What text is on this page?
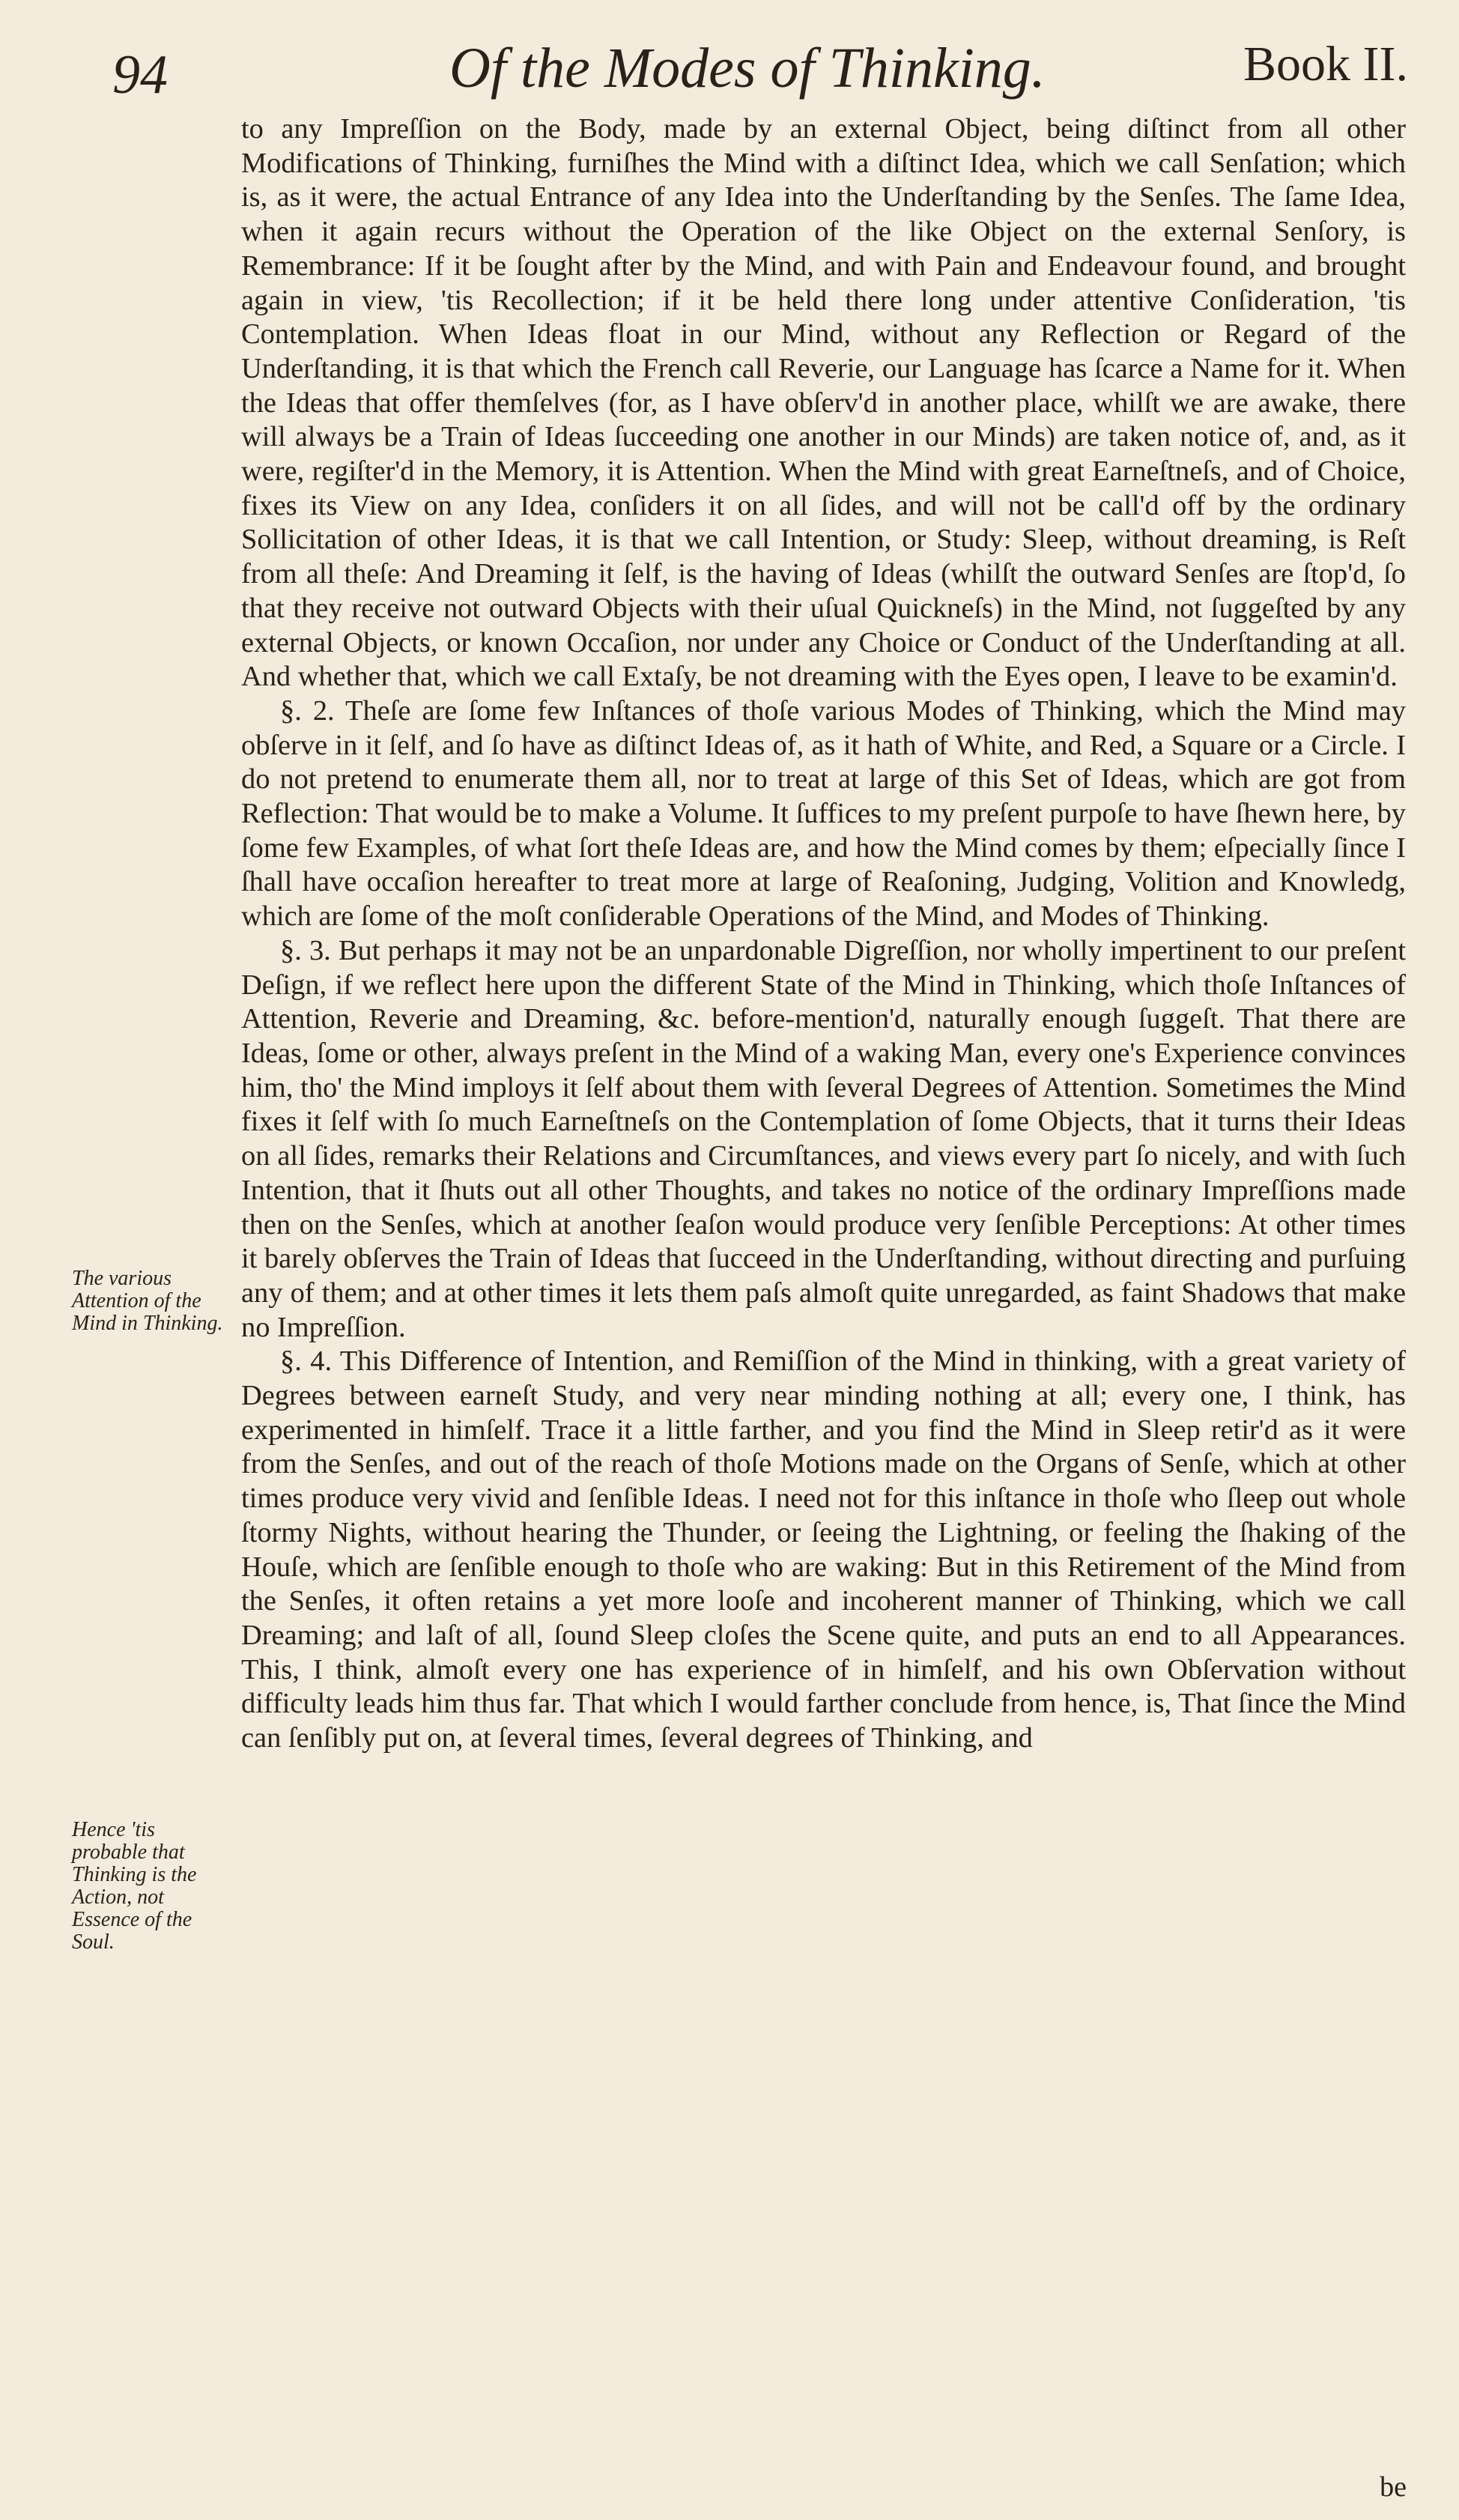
94	Of the Modes of Thinking.	Book II.
The various Attention of the Mind in Thinking.
Hence 'tis probable that Thinking is the Action, not Essence of the Soul.

to any Impreſſion on the Body, made by an external Object, being diſtinct from all other Modifications of Thinking, furniſhes the Mind with a diſtinct Idea, which we call Senſation; which is, as it were, the actual Entrance of any Idea into the Underſtanding by the Senſes. The ſame Idea, when it again recurs without the Operation of the like Object on the external Senſory, is Remembrance: If it be ſought after by the Mind, and with Pain and Endeavour found, and brought again in view, 'tis Recollection; if it be held there long under attentive Conſideration, 'tis Contemplation. When Ideas float in our Mind, without any Reflection or Regard of the Underſtanding, it is that which the French call Reverie, our Language has ſcarce a Name for it. When the Ideas that offer themſelves (for, as I have obſerv'd in another place, whilſt we are awake, there will always be a Train of Ideas ſucceeding one another in our Minds) are taken notice of, and, as it were, regiſter'd in the Memory, it is Attention. When the Mind with great Earneſtneſs, and of Choice, fixes its View on any Idea, conſiders it on all ſides, and will not be call'd off by the ordinary Sollicitation of other Ideas, it is that we call Intention, or Study: Sleep, without dreaming, is Reſt from all theſe: And Dreaming it ſelf, is the having of Ideas (whilſt the outward Senſes are ſtop'd, ſo that they receive not outward Objects with their uſual Quickneſs) in the Mind, not ſuggeſted by any external Objects, or known Occaſion, nor under any Choice or Conduct of the Underſtanding at all. And whether that, which we call Extaſy, be not dreaming with the Eyes open, I leave to be examin'd.

§. 2. Theſe are ſome few Inſtances of thoſe various Modes of Thinking, which the Mind may obſerve in it ſelf, and ſo have as diſtinct Ideas of, as it hath of White, and Red, a Square or a Circle. I do not pretend to enumerate them all, nor to treat at large of this Set of Ideas, which are got from Reflection: That would be to make a Volume. It ſuffices to my preſent purpoſe to have ſhewn here, by ſome few Examples, of what ſort theſe Ideas are, and how the Mind comes by them; eſpecially ſince I ſhall have occaſion hereafter to treat more at large of Reaſoning, Judging, Volition and Knowledg, which are ſome of the moſt conſiderable Operations of the Mind, and Modes of Thinking.

§. 3. But perhaps it may not be an unpardonable Digreſſion, nor wholly impertinent to our preſent Deſign, if we reflect here upon the different State of the Mind in Thinking, which thoſe Inſtances of Attention, Reverie and Dreaming, &c. before-mention'd, naturally enough ſuggeſt. That there are Ideas, ſome or other, always preſent in the Mind of a waking Man, every one's Experience convinces him, tho' the Mind imploys it ſelf about them with ſeveral Degrees of Attention. Sometimes the Mind fixes it ſelf with ſo much Earneſtneſs on the Contemplation of ſome Objects, that it turns their Ideas on all ſides, remarks their Relations and Circumſtances, and views every part ſo nicely, and with ſuch Intention, that it ſhuts out all other Thoughts, and takes no notice of the ordinary Impreſſions made then on the Senſes, which at another ſeaſon would produce very ſenſible Perceptions: At other times it barely obſerves the Train of Ideas that ſucceed in the Underſtanding, without directing and purſuing any of them; and at other times it lets them paſs almoſt quite unregarded, as faint Shadows that make no Impreſſion.

§. 4. This Difference of Intention, and Remiſſion of the Mind in thinking, with a great variety of Degrees between earneſt Study, and very near minding nothing at all; every one, I think, has experimented in himſelf. Trace it a little farther, and you find the Mind in Sleep retir'd as it were from the Senſes, and out of the reach of thoſe Motions made on the Organs of Senſe, which at other times produce very vivid and ſenſible Ideas. I need not for this inſtance in thoſe who ſleep out whole ſtormy Nights, without hearing the Thunder, or ſeeing the Lightning, or feeling the ſhaking of the Houſe, which are ſenſible enough to thoſe who are waking: But in this Retirement of the Mind from the Senſes, it often retains a yet more looſe and incoherent manner of Thinking, which we call Dreaming; and laſt of all, ſound Sleep cloſes the Scene quite, and puts an end to all Appearances. This, I think, almoſt every one has experience of in himſelf, and his own Obſervation without difficulty leads him thus far. That which I would farther conclude from hence, is, That ſince the Mind can ſenſibly put on, at ſeveral times, ſeveral degrees of Thinking, and

be
